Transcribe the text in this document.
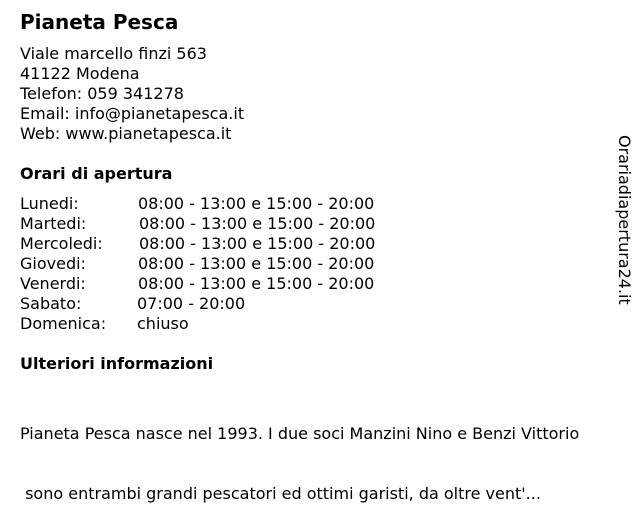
Pianeta Pesca
Viale marcello finzi 563
41122 Modena
Telefon: 059 341278
Email: info@pianetapesca.it
Web: www.pianetapesca.it
Orari di apertura
Lunedi:	08:00 - 13:00 e 15:00 - 20:00
Martedi:	08:00 - 13:00 e 15:00 - 20:00
Mercoledi: 08:00 - 13:00 e 15:00 - 20:00
Giovedi:	08:00 - 13:00 e 15:00 - 20:00
Venerdi:	08:00 - 13:00 e 15:00 - 20:00
Sabato:	07:00 - 20:00
Domenica: chiuso
Ulteriori informazioni

Pianeta Pesca nasce nel 1993. I due soci Manzini Nino e Benzi Vittorio

sono entrambi grandi pescatori ed ottimi garisti, da oltre vent'...

Orariadiapertura24.it
